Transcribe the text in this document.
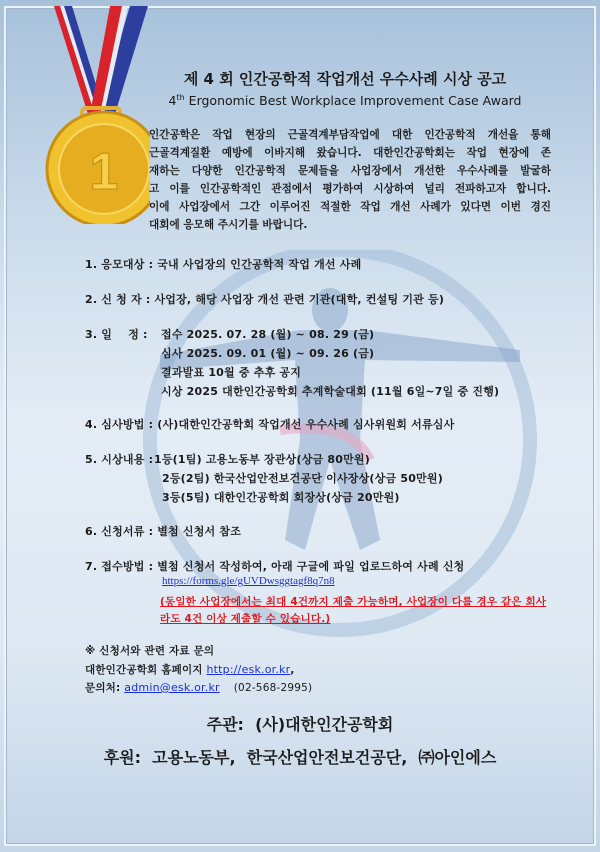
1
제 4 회 인간공학적 작업개선 우수사례 시상 공고
4th Ergonomic Best Workplace Improvement Case Award
인간공학은 작업 현장의 근골격계부담작업에 대한 인간공학적 개선을 통해
근골격계질환 예방에 이바지해 왔습니다. 대한인간공학회는 작업 현장에 존
재하는 다양한 인간공학적 문제들을 사업장에서 개선한 우수사례를 발굴하
고 이를 인간공학적인 관점에서 평가하여 시상하여 널리 전파하고자 합니다.
이에 사업장에서 그간 이루어진 적절한 작업 개선 사례가 있다면 이번 경진
대회에 응모해 주시기를 바랍니다.
1. 응모대상 : 국내 사업장의 인간공학적 작업 개선 사례
2. 신 청 자 : 사업장, 해당 사업장 개선 관련 기관(대학, 컨설팅 기관 등)
3. 일    정 : 접수 2025. 07. 28 (월) ~ 08. 29 (금)
심사 2025. 09. 01 (월) ~ 09. 26 (금)
결과발표 10월 중 추후 공지
시상 2025 대한인간공학회 추계학술대회 (11월 6일~7일 중 진행)
4. 심사방법 : (사)대한인간공학회 작업개선 우수사례 심사위원회 서류심사
5. 시상내용 : 1등(1팀) 고용노동부 장관상(상금 80만원)
2등(2팀) 한국산업안전보건공단 이사장상(상금 50만원)
3등(5팀) 대한인간공학회 회장상(상금 20만원)
6. 신청서류 : 별첨 신청서 참조
7. 접수방법 : 별첨 신청서 작성하여, 아래 구글에 파일 업로드하여 사례 신청
https://forms.gle/gUVDwsggtagf8q7n8
(동일한 사업장에서는 최대 4건까지 제출 가능하며, 사업장이 다를 경우 같은 회사
라도 4건 이상 제출할 수 있습니다.)
※ 신청서와 관련 자료 문의
대한인간공학회 홈페이지 http://esk.or.kr,
문의처: admin@esk.or.kr (02-568-2995)
주관:  (사)대한인간공학회
후원:  고용노동부,  한국산업안전보건공단,  ㈜아인에스
